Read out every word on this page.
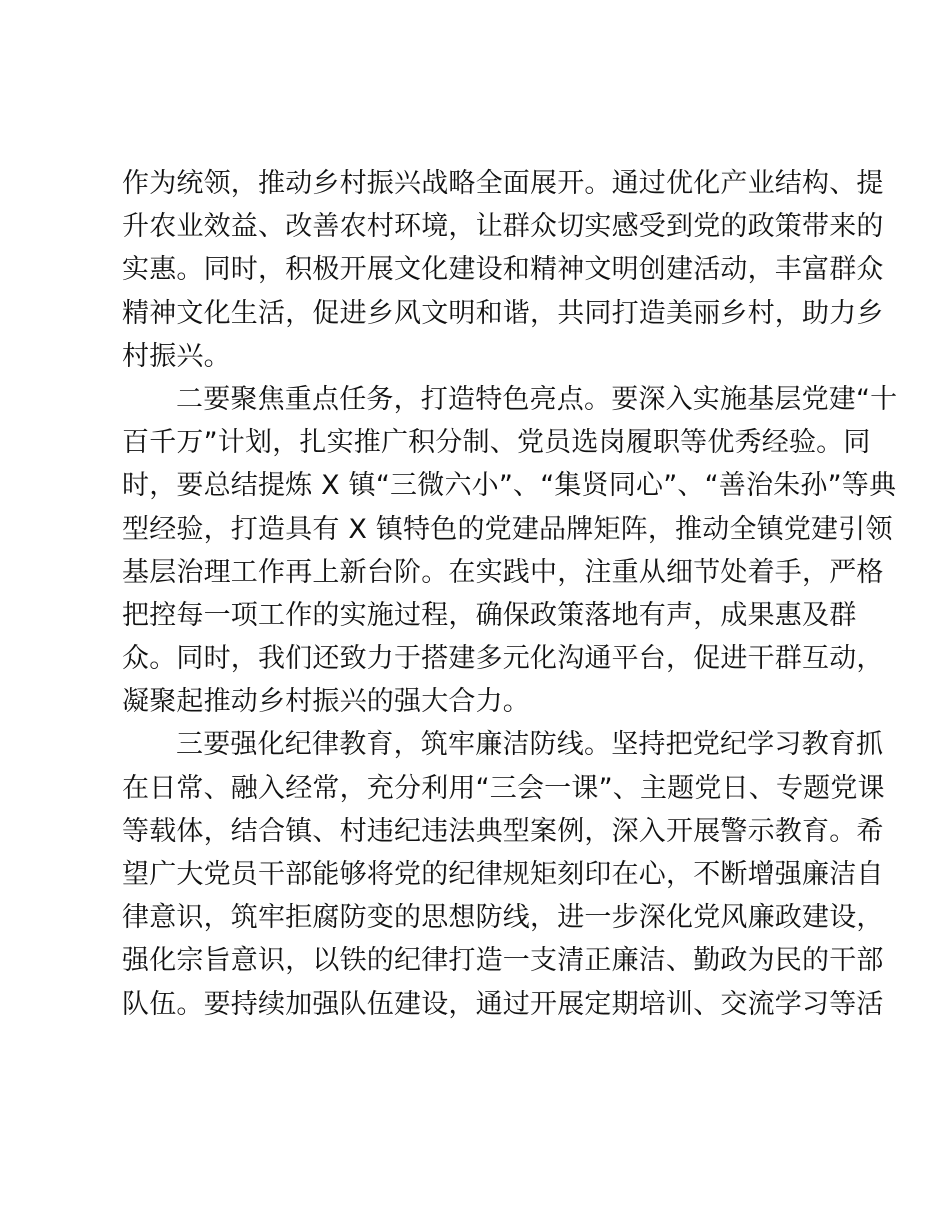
作为统领，推动乡村振兴战略全面展开。通过优化产业结构、提
升农业效益、改善农村环境，让群众切实感受到党的政策带来的
实惠。同时，积极开展文化建设和精神文明创建活动，丰富群众
精神文化生活，促进乡风文明和谐，共同打造美丽乡村，助力乡
村振兴。
二要聚焦重点任务，打造特色亮点。要深入实施基层党建“十
百千万”计划，扎实推广积分制、党员选岗履职等优秀经验。同
时，要总结提炼 X 镇“三微六小”、“集贤同心”、“善治朱孙”等典
型经验，打造具有 X 镇特色的党建品牌矩阵，推动全镇党建引领
基层治理工作再上新台阶。在实践中，注重从细节处着手，严格
把控每一项工作的实施过程，确保政策落地有声，成果惠及群
众。同时，我们还致力于搭建多元化沟通平台，促进干群互动，
凝聚起推动乡村振兴的强大合力。
三要强化纪律教育，筑牢廉洁防线。坚持把党纪学习教育抓
在日常、融入经常，充分利用“三会一课”、主题党日、专题党课
等载体，结合镇、村违纪违法典型案例，深入开展警示教育。希
望广大党员干部能够将党的纪律规矩刻印在心，不断增强廉洁自
律意识，筑牢拒腐防变的思想防线，进一步深化党风廉政建设，
强化宗旨意识，以铁的纪律打造一支清正廉洁、勤政为民的干部
队伍。要持续加强队伍建设，通过开展定期培训、交流学习等活
